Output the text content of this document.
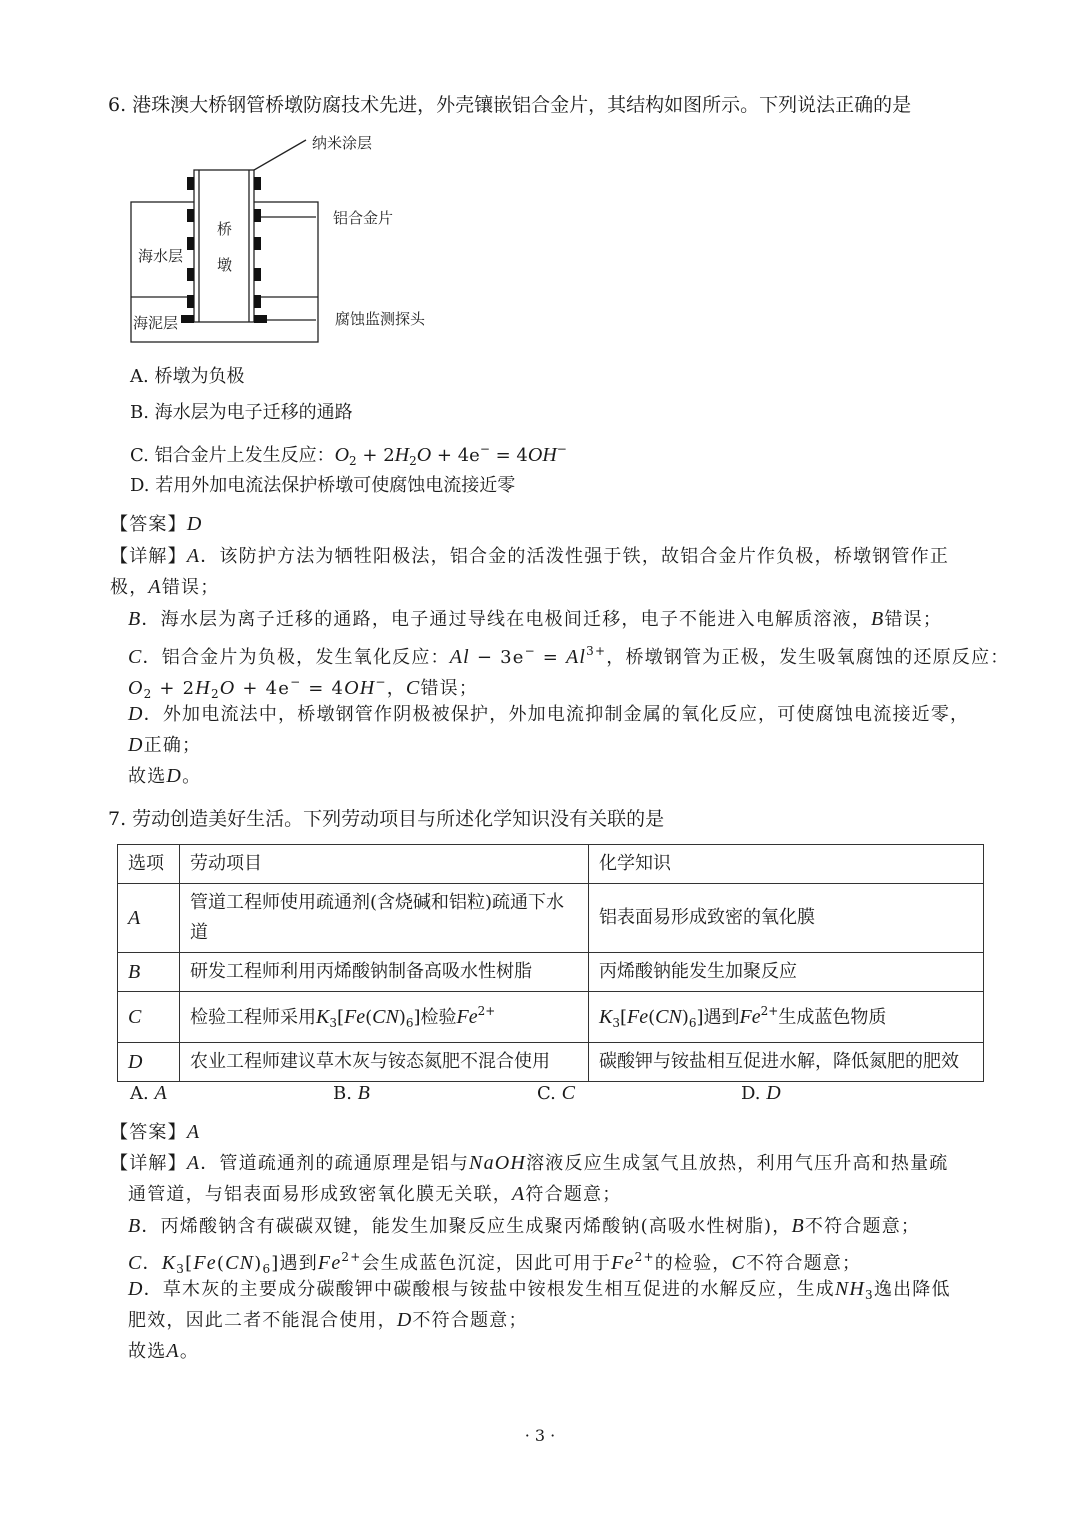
6. 港珠澳大桥钢管桥墩防腐技术先进，外壳镶嵌铝合金片，其结构如图所示。下列说法正确的是
纳米涂层
铝合金片
腐蚀监测探头
海水层
海泥层
桥
墩
A. 桥墩为负极
B. 海水层为电子迁移的通路
C. 铝合金片上发生反应：$O_2 + 2H_2O + 4e^- = 4OH^-$
D. 若用外加电流法保护桥墩可使腐蚀电流接近零
【答案】D
【详解】A．该防护方法为牺牲阳极法，铝合金的活泼性强于铁，故铝合金片作负极，桥墩钢管作正
极，A错误；
B．海水层为离子迁移的通路，电子通过导线在电极间迁移，电子不能进入电解质溶液，B错误；
C．铝合金片为负极，发生氧化反应：$Al - 3e^- = Al^{3+}$，桥墩钢管为正极，发生吸氧腐蚀的还原反应：
$O_2 + 2H_2O + 4e^- = 4OH^-$，C错误；
D．外加电流法中，桥墩钢管作阴极被保护，外加电流抑制金属的氧化反应，可使腐蚀电流接近零，
D正确；
故选D。
7. 劳动创造美好生活。下列劳动项目与所述化学知识没有关联的是
选项	劳动项目	化学知识
A	管道工程师使用疏通剂(含烧碱和铝粒)疏通下水道	铝表面易形成致密的氧化膜
B	研发工程师利用丙烯酸钠制备高吸水性树脂	丙烯酸钠能发生加聚反应
C	检验工程师采用$K_3[Fe(CN)_6]$检验$Fe^{2+}$	$K_3[Fe(CN)_6]$遇到$Fe^{2+}$生成蓝色物质
D	农业工程师建议草木灰与铵态氮肥不混合使用	碳酸钾与铵盐相互促进水解，降低氮肥的肥效
A. A	B. B	C. C	D. D
【答案】A
【详解】A．管道疏通剂的疏通原理是铝与NaOH溶液反应生成氢气且放热，利用气压升高和热量疏
通管道，与铝表面易形成致密氧化膜无关联，A符合题意；
B．丙烯酸钠含有碳碳双键，能发生加聚反应生成聚丙烯酸钠(高吸水性树脂)，B不符合题意；
C．$K_3[Fe(CN)_6]$遇到$Fe^{2+}$会生成蓝色沉淀，因此可用于$Fe^{2+}$的检验，C不符合题意；
D．草木灰的主要成分碳酸钾中碳酸根与铵盐中铵根发生相互促进的水解反应，生成$NH_3$逸出降低
肥效，因此二者不能混合使用，D不符合题意；
故选A。
· 3 ·
